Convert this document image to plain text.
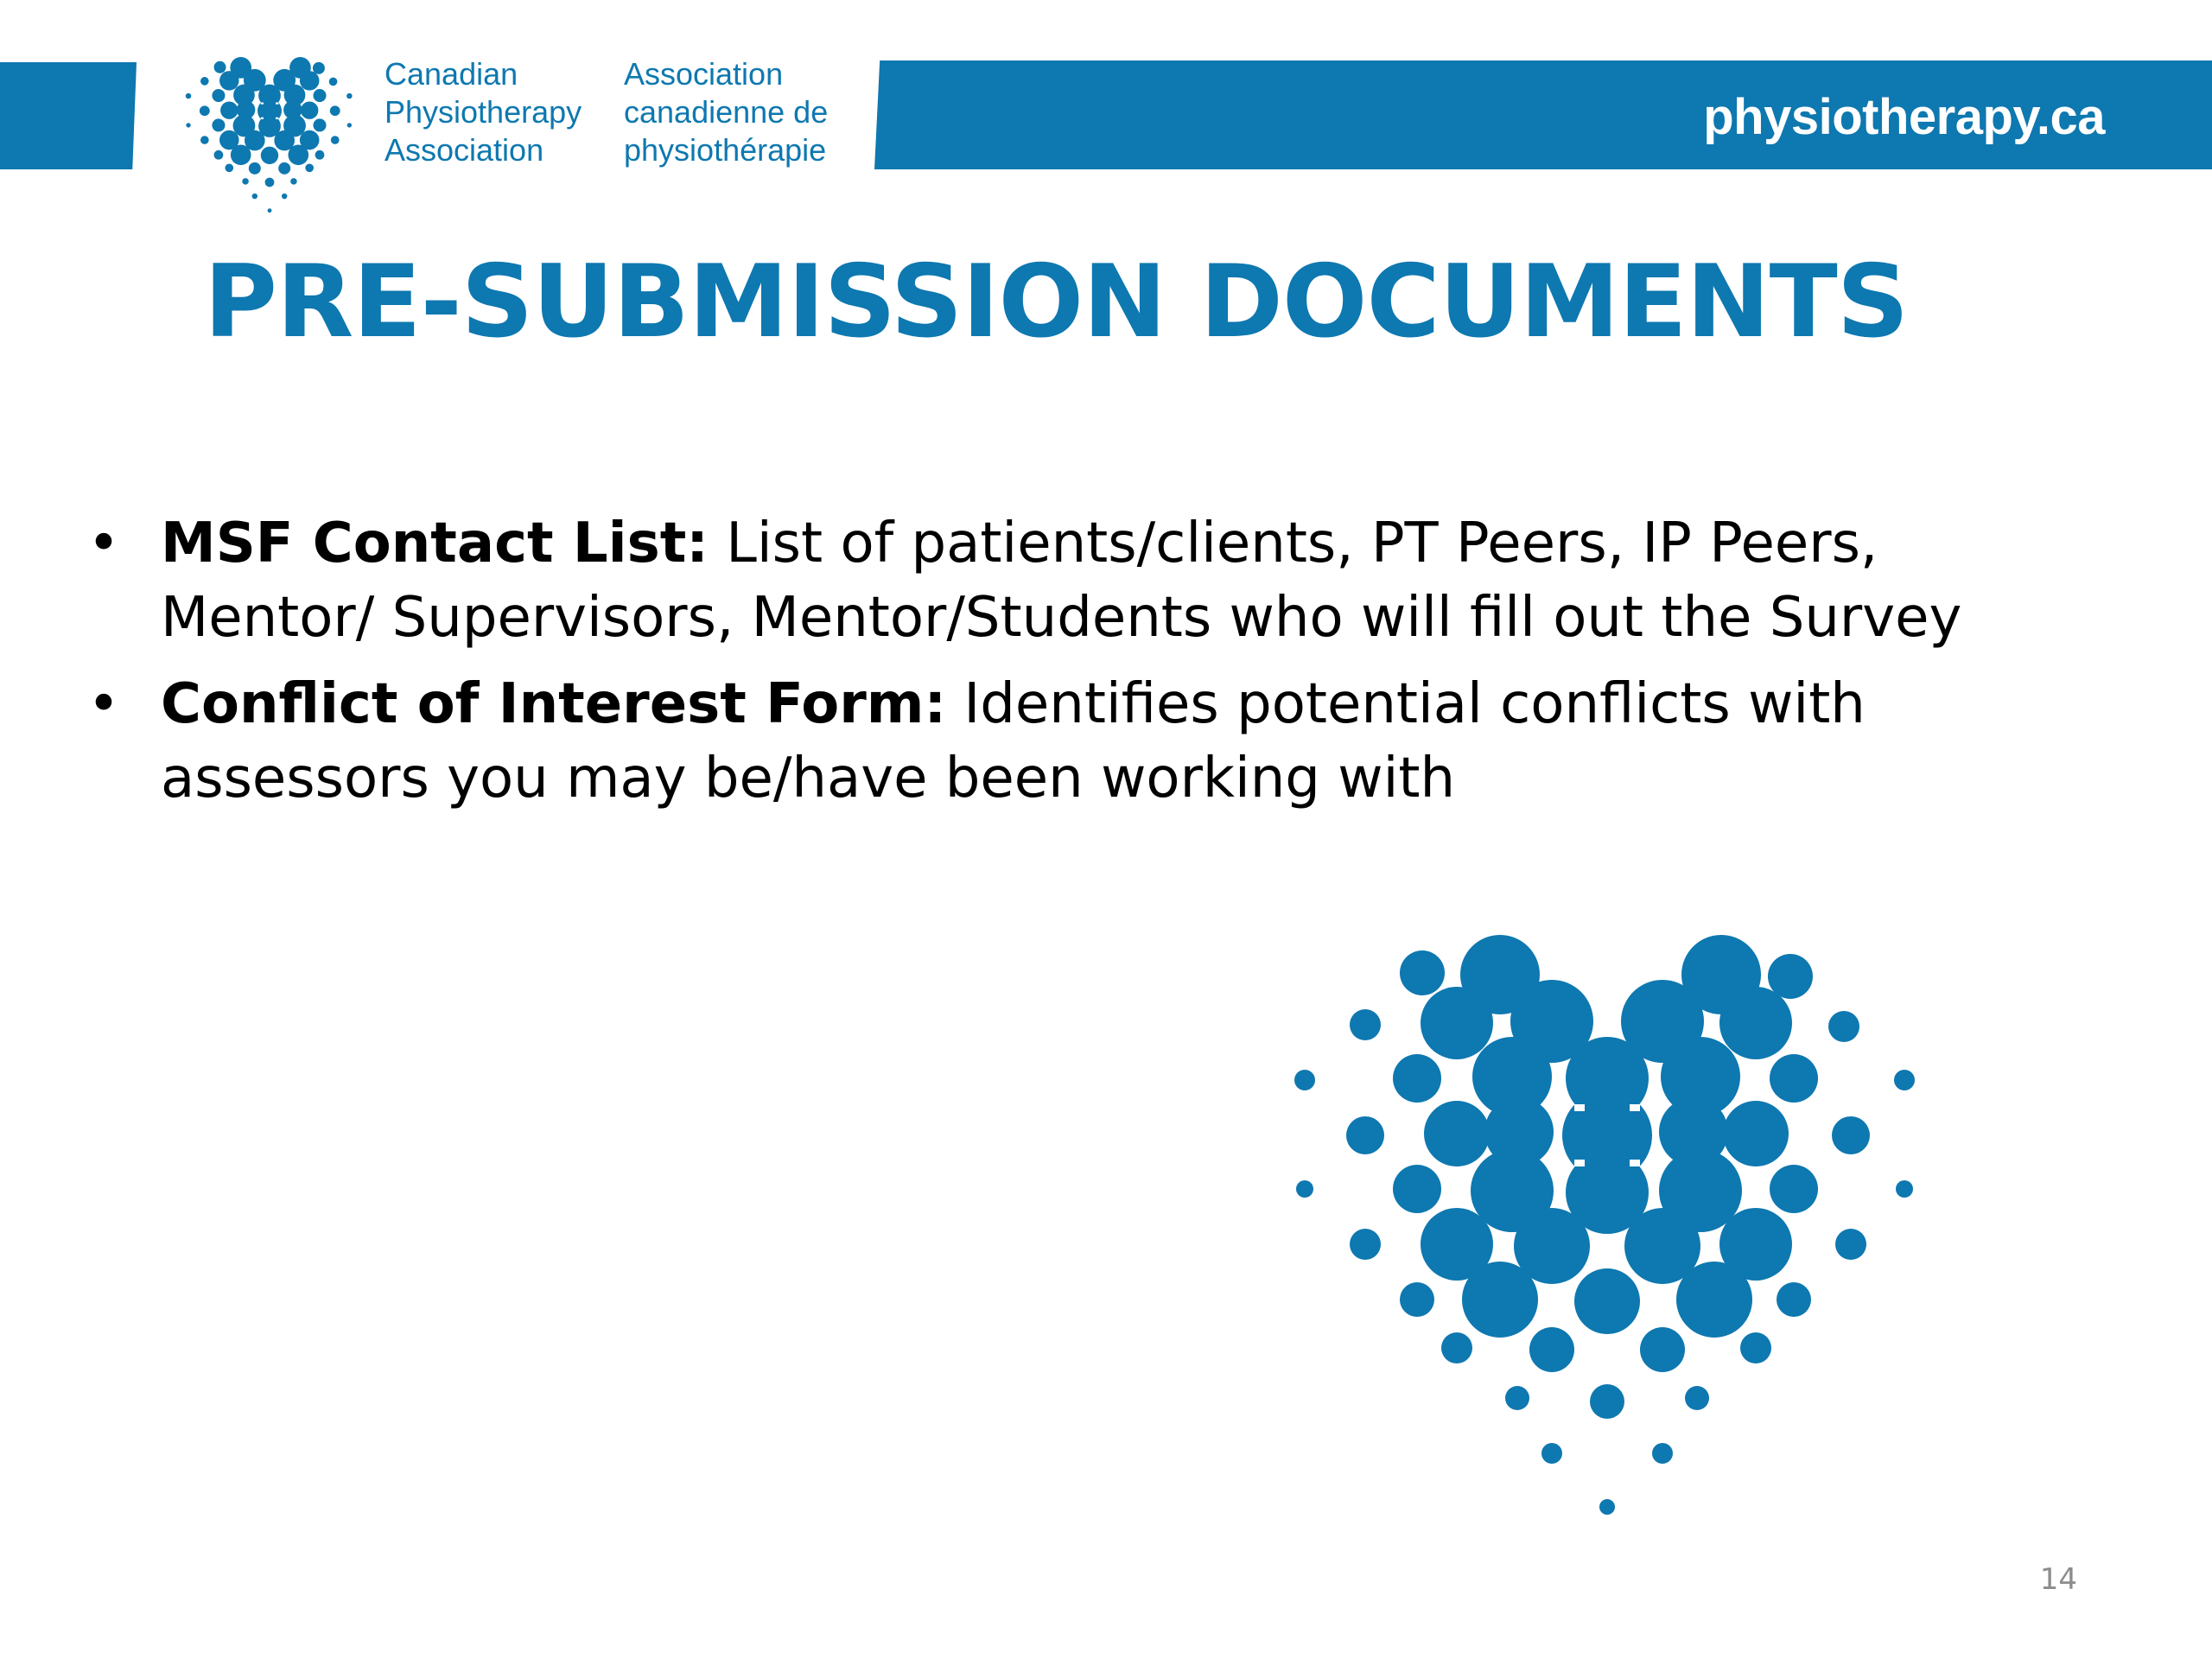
physiotherapy.ca

Canadian
Physiotherapy
Association

Association
canadienne de
physiothérapie

PRE-SUBMISSION DOCUMENTS
• MSF Contact List: List of patients/clients, PT Peers, IP Peers, Mentor/ Supervisors, Mentor/Students who will fill out the Survey
• Conflict of Interest Form: Identifies potential conflicts with assessors you may be/have been working with
14
